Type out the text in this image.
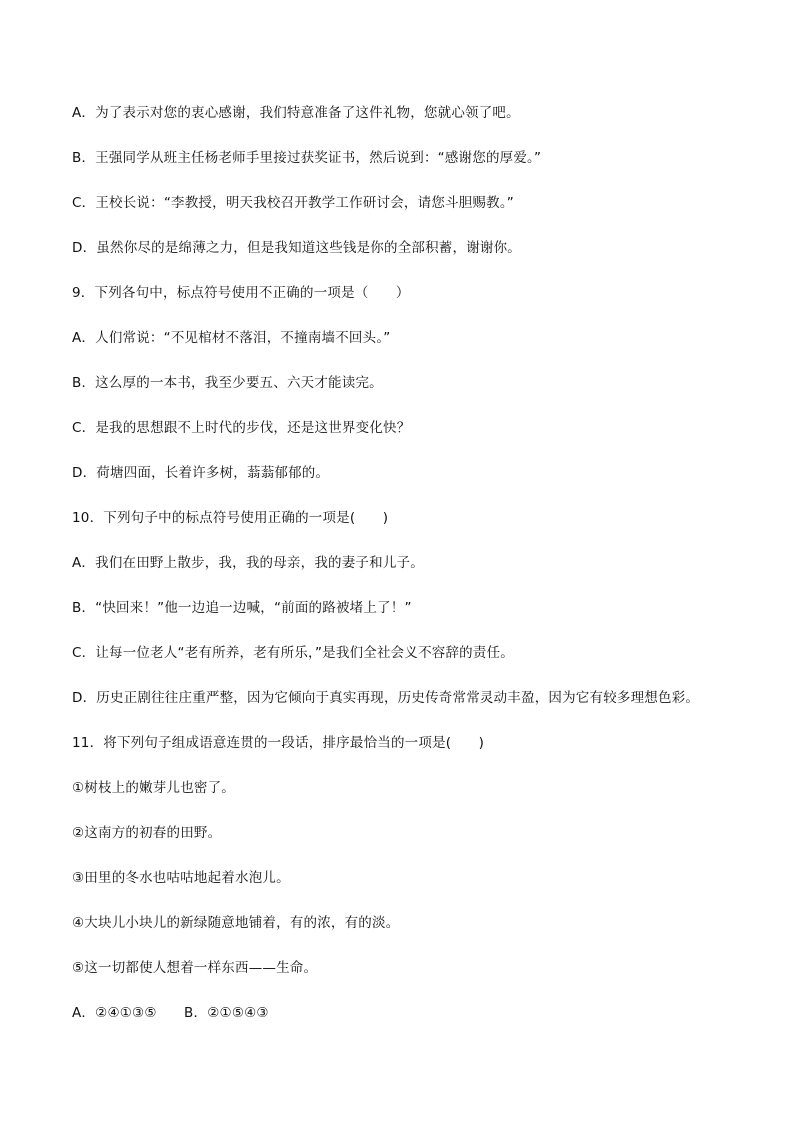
A．为了表示对您的衷心感谢，我们特意准备了这件礼物，您就心领了吧。
B．王强同学从班主任杨老师手里接过获奖证书，然后说到：“感谢您的厚爱。”
C．王校长说：“李教授，明天我校召开教学工作研讨会，请您斗胆赐教。”
D．虽然你尽的是绵薄之力，但是我知道这些钱是你的全部积蓄，谢谢你。
9．下列各句中，标点符号使用不正确的一项是（　　）
A．人们常说：“不见棺材不落泪，不撞南墙不回头。”
B．这么厚的一本书，我至少要五、六天才能读完。
C．是我的思想跟不上时代的步伐，还是这世界变化快？
D．荷塘四面，长着许多树，蓊蓊郁郁的。
10．下列句子中的标点符号使用正确的一项是(　　)
A．我们在田野上散步，我，我的母亲，我的妻子和儿子。
B．“快回来！”他一边追一边喊，“前面的路被堵上了！”
C．让每一位老人“老有所养，老有所乐，”是我们全社会义不容辞的责任。
D．历史正剧往往庄重严整，因为它倾向于真实再现，历史传奇常常灵动丰盈，因为它有较多理想色彩。
11．将下列句子组成语意连贯的一段话，排序最恰当的一项是(　　)
①树枝上的嫩芽儿也密了。
②这南方的初春的田野。
③田里的冬水也咕咕地起着水泡儿。
④大块儿小块儿的新绿随意地铺着，有的浓，有的淡。
⑤这一切都使人想着一样东西——生命。
A．②④①③⑤　　B．②①⑤④③
